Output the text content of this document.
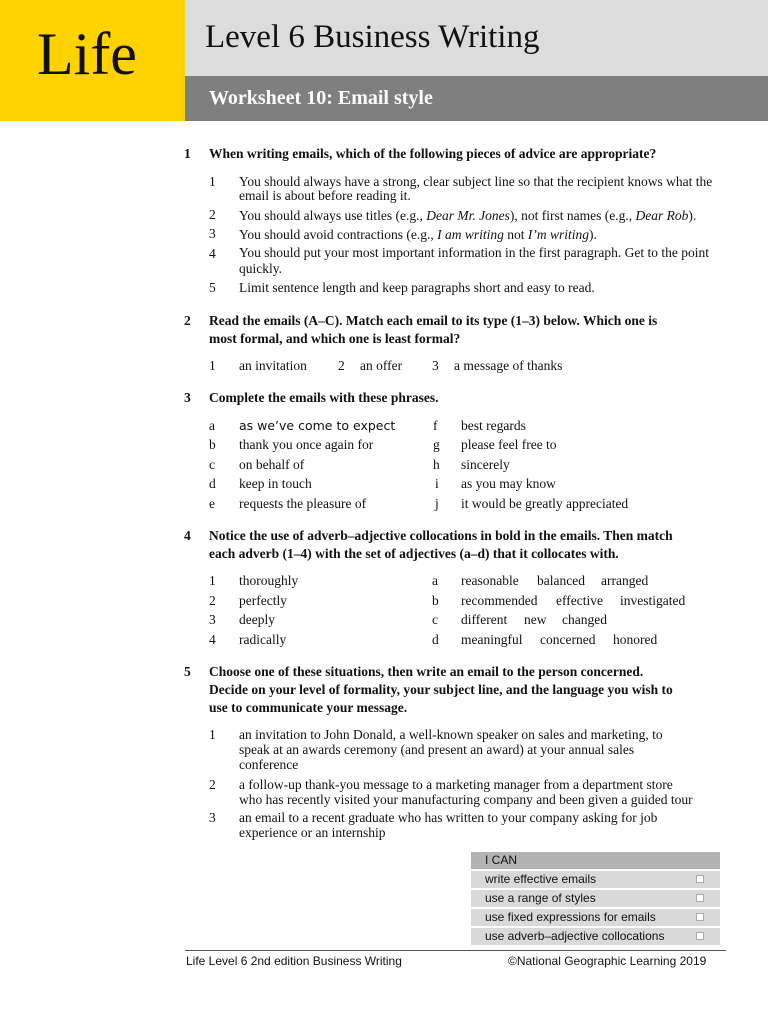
Life Level 6 Business Writing
Worksheet 10: Email style
1 When writing emails, which of the following pieces of advice are appropriate?
1 You should always have a strong, clear subject line so that the recipient knows what the
email is about before reading it.
2 You should always use titles (e.g., Dear Mr. Jones), not first names (e.g., Dear Rob).
3 You should avoid contractions (e.g., I am writing not I’m writing).
4 You should put your most important information in the first paragraph. Get to the point
quickly.
5 Limit sentence length and keep paragraphs short and easy to read.
2 Read the emails (A–C). Match each email to its type (1–3) below. Which one is
most formal, and which one is least formal?
1 an invitation 2 an offer 3 a message of thanks
3 Complete the emails with these phrases.
a as we’ve come to expect
b thank you once again for
c on behalf of
d keep in touch
e requests the pleasure of
f best regards
g please feel free to
h sincerely
i as you may know
j it would be greatly appreciated
4 Notice the use of adverb–adjective collocations in bold in the emails. Then match
each adverb (1–4) with the set of adjectives (a–d) that it collocates with.
1 thoroughly
2 perfectly
3 deeply
4 radically
a reasonable balanced arranged
b recommended effective investigated
c different new changed
d meaningful concerned honored
5 Choose one of these situations, then write an email to the person concerned.
Decide on your level of formality, your subject line, and the language you wish to
use to communicate your message.
1 an invitation to John Donald, a well-known speaker on sales and marketing, to
speak at an awards ceremony (and present an award) at your annual sales
conference
2 a follow-up thank-you message to a marketing manager from a department store
who has recently visited your manufacturing company and been given a guided tour
3 an email to a recent graduate who has written to your company asking for job
experience or an internship
I CAN
write effective emails
use a range of styles
use fixed expressions for emails
use adverb–adjective collocations
Life Level 6 2nd edition Business Writing	©National Geographic Learning 2019
